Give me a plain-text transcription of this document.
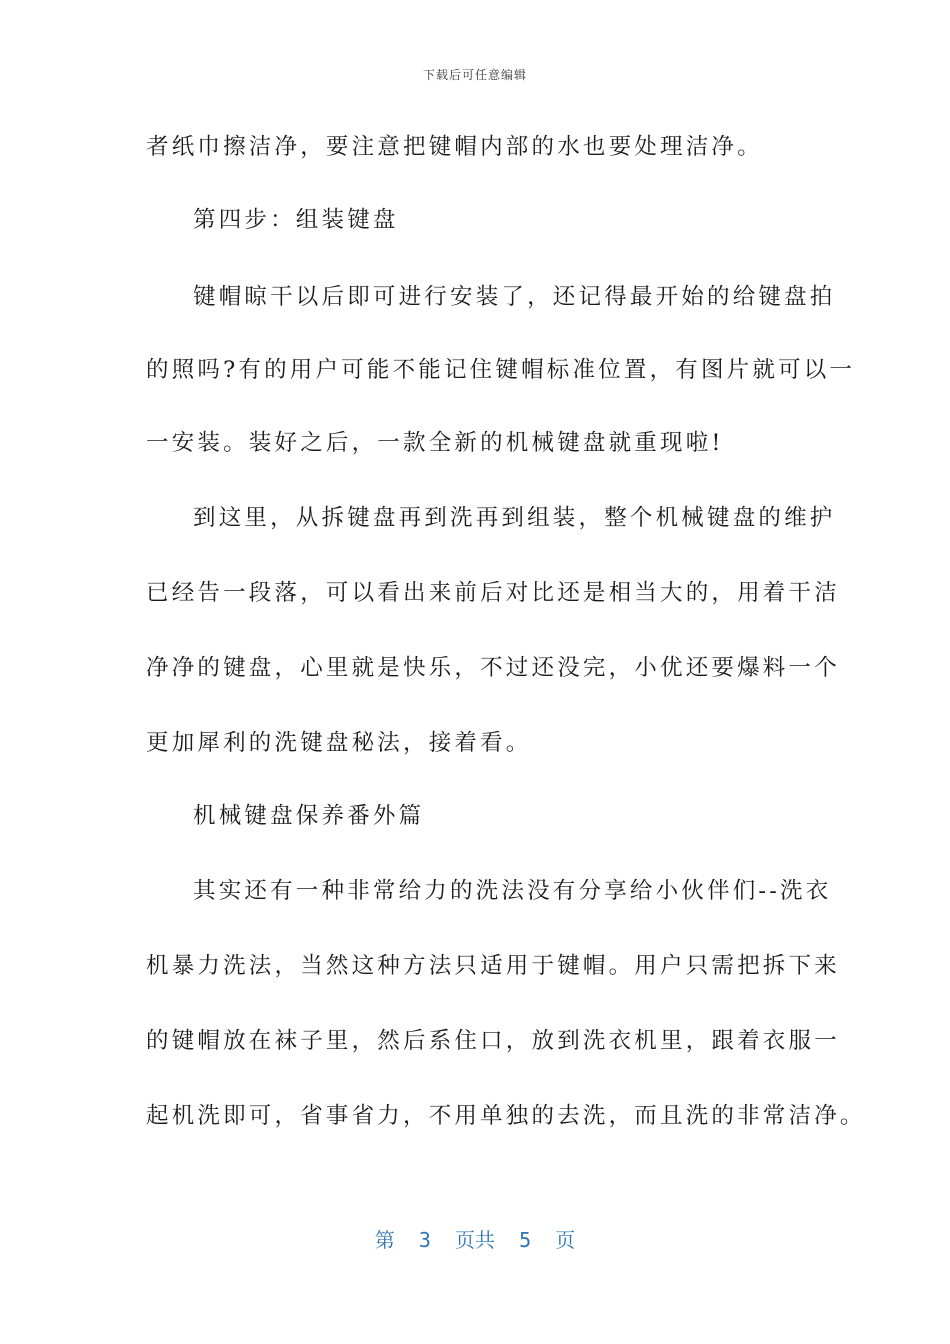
下载后可任意编辑
者纸巾擦洁净，要注意把键帽内部的水也要处理洁净。
第四步：组装键盘
键帽晾干以后即可进行安装了，还记得最开始的给键盘拍
的照吗?有的用户可能不能记住键帽标准位置，有图片就可以一
一安装。装好之后，一款全新的机械键盘就重现啦!
到这里，从拆键盘再到洗再到组装，整个机械键盘的维护
已经告一段落，可以看出来前后对比还是相当大的，用着干洁
净净的键盘，心里就是快乐，不过还没完，小优还要爆料一个
更加犀利的洗键盘秘法，接着看。
机械键盘保养番外篇
其实还有一种非常给力的洗法没有分享给小伙伴们--洗衣
机暴力洗法，当然这种方法只适用于键帽。用户只需把拆下来
的键帽放在袜子里，然后系住口，放到洗衣机里，跟着衣服一
起机洗即可，省事省力，不用单独的去洗，而且洗的非常洁净。
第  3  页共  5  页
